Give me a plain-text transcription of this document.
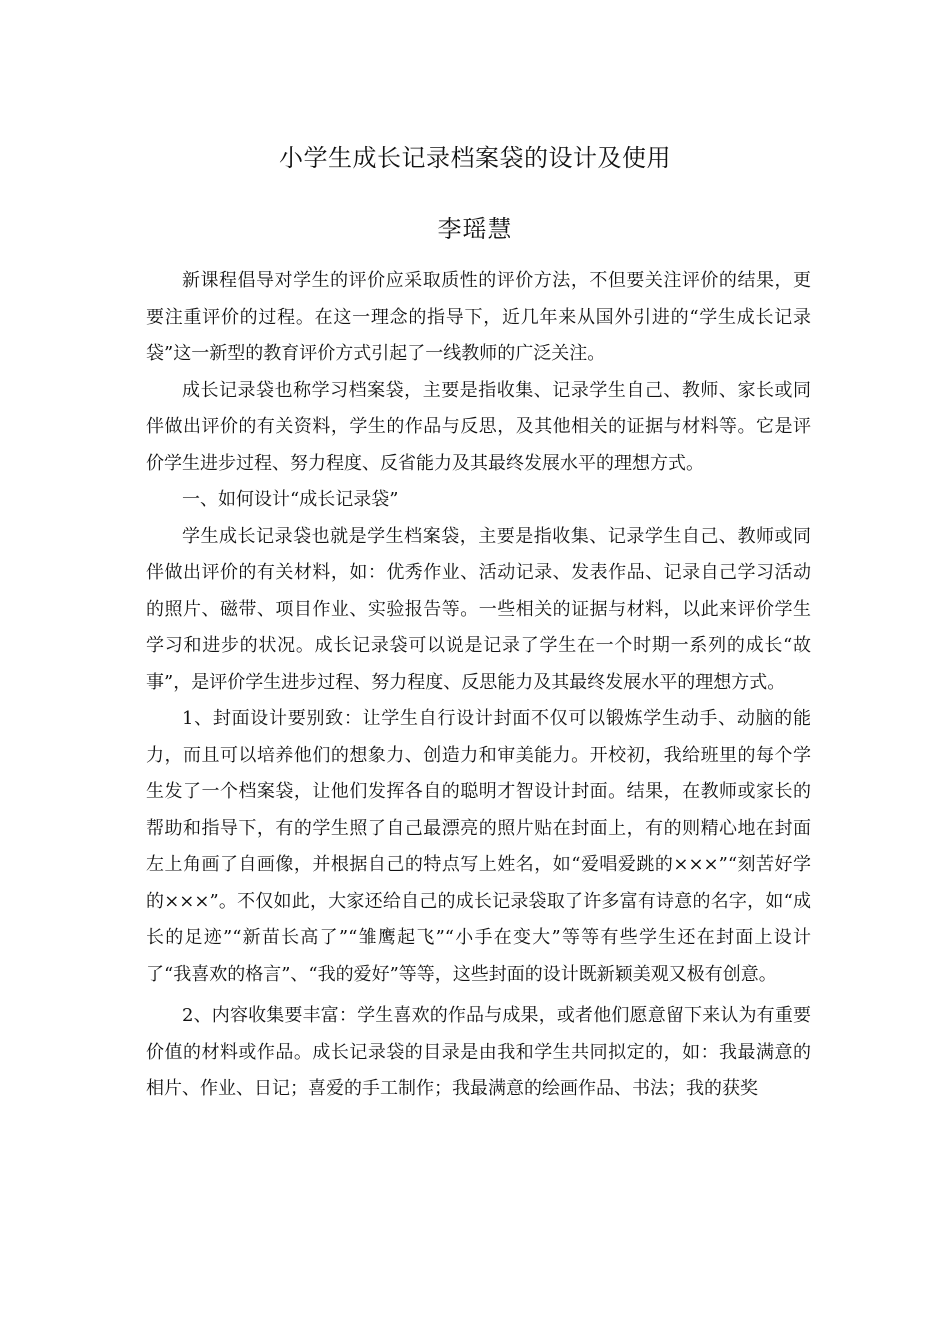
小学生成长记录档案袋的设计及使用
李瑶慧

新课程倡导对学生的评价应采取质性的评价方法，不但要关注评价的结果，更要注重评价的过程。在这一理念的指导下，近几年来从国外引进的“学生成长记录袋”这一新型的教育评价方式引起了一线教师的广泛关注。

成长记录袋也称学习档案袋，主要是指收集、记录学生自己、教师、家长或同伴做出评价的有关资料，学生的作品与反思，及其他相关的证据与材料等。它是评价学生进步过程、努力程度、反省能力及其最终发展水平的理想方式。

一、如何设计“成长记录袋”

学生成长记录袋也就是学生档案袋，主要是指收集、记录学生自己、教师或同伴做出评价的有关材料，如：优秀作业、活动记录、发表作品、记录自己学习活动的照片、磁带、项目作业、实验报告等。一些相关的证据与材料，以此来评价学生学习和进步的状况。成长记录袋可以说是记录了学生在一个时期一系列的成长“故事”，是评价学生进步过程、努力程度、反思能力及其最终发展水平的理想方式。

1、封面设计要别致：让学生自行设计封面不仅可以锻炼学生动手、动脑的能力，而且可以培养他们的想象力、创造力和审美能力。开校初，我给班里的每个学生发了一个档案袋，让他们发挥各自的聪明才智设计封面。结果，在教师或家长的帮助和指导下，有的学生照了自己最漂亮的照片贴在封面上，有的则精心地在封面左上角画了自画像，并根据自己的特点写上姓名，如“爱唱爱跳的×××”“刻苦好学的×××”。不仅如此，大家还给自己的成长记录袋取了许多富有诗意的名字，如“成长的足迹”“新苗长高了”“雏鹰起飞”“小手在变大”等等有些学生还在封面上设计了“我喜欢的格言”、“我的爱好”等等，这些封面的设计既新颖美观又极有创意。

2、内容收集要丰富：学生喜欢的作品与成果，或者他们愿意留下来认为有重要价值的材料或作品。成长记录袋的目录是由我和学生共同拟定的，如：我最满意的相片、作业、日记；喜爱的手工制作；我最满意的绘画作品、书法；我的获奖
